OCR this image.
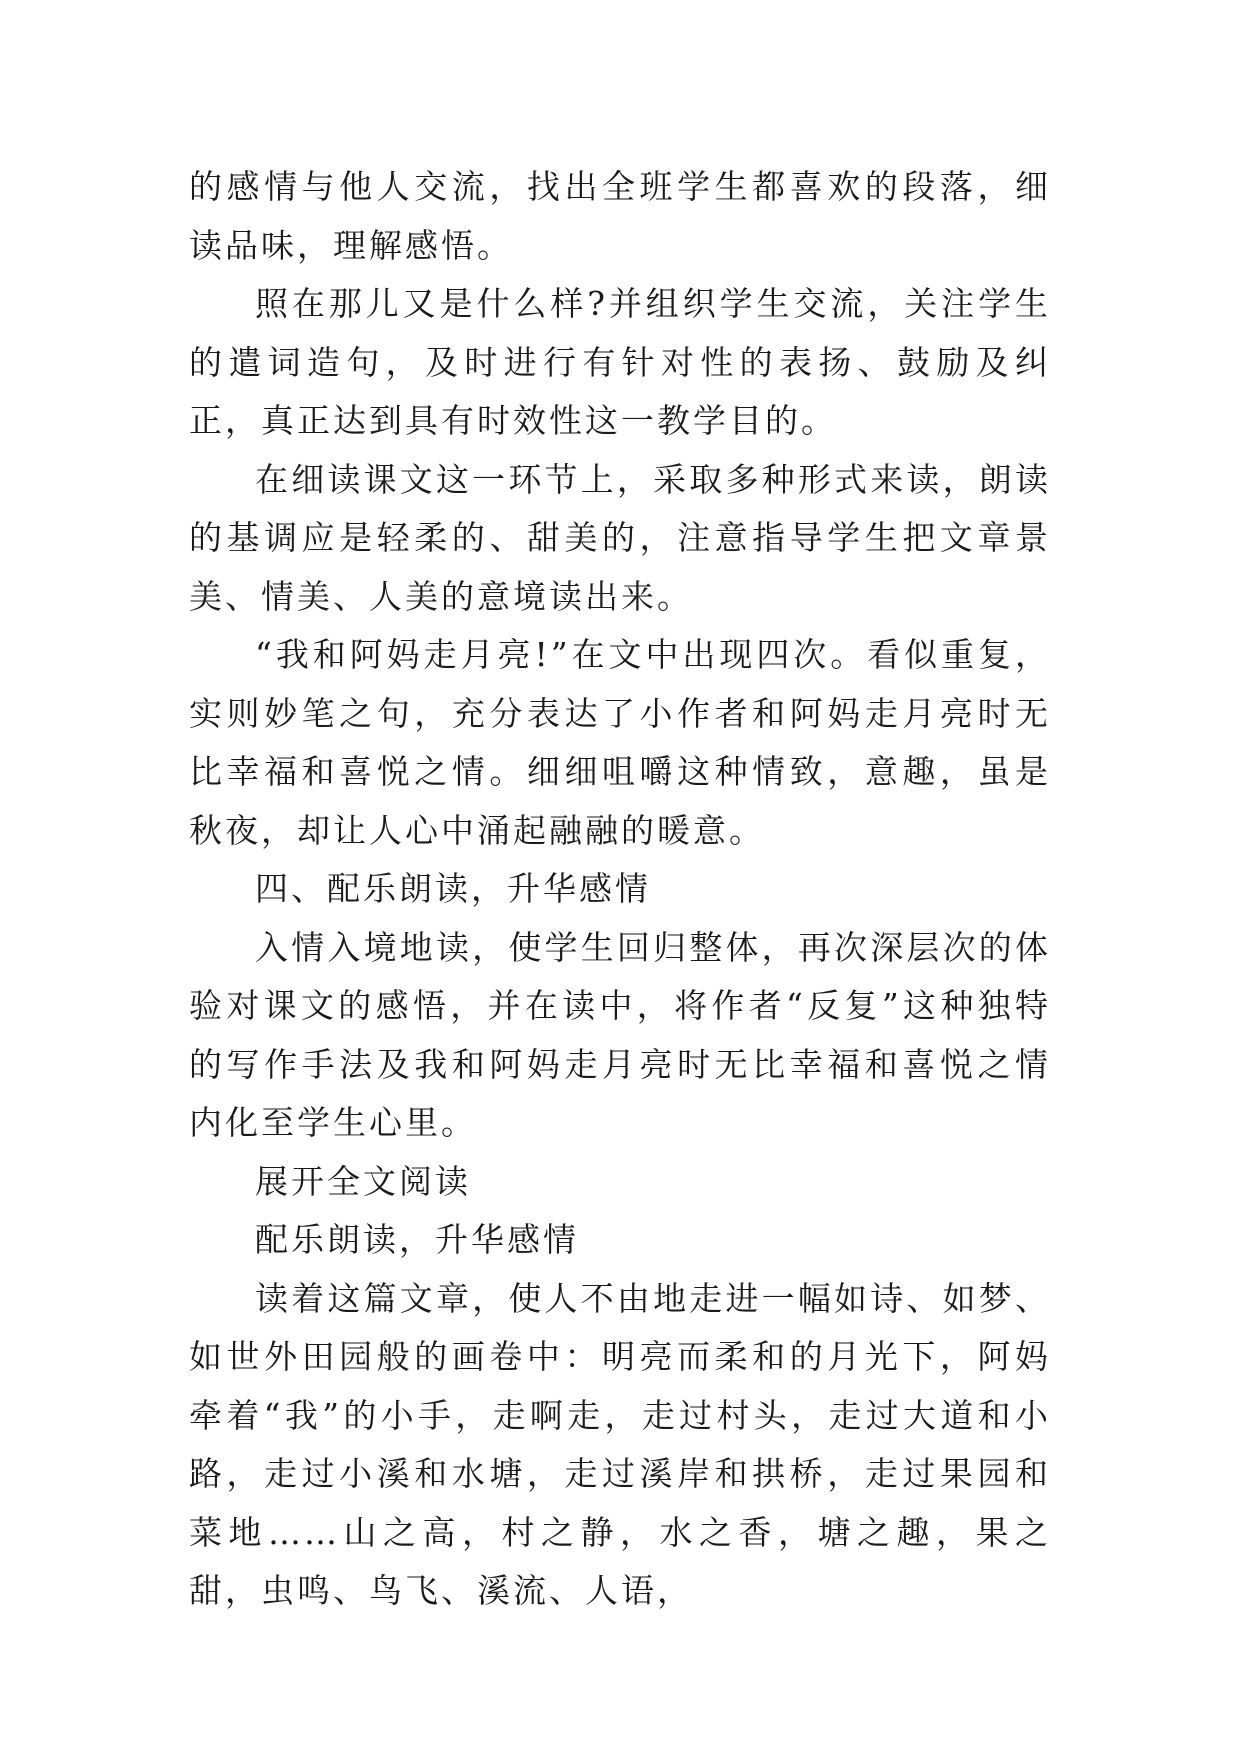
的感情与他人交流，找出全班学生都喜欢的段落，细读品味，理解感悟。

照在那儿又是什么样?并组织学生交流，关注学生的遣词造句，及时进行有针对性的表扬、鼓励及纠正，真正达到具有时效性这一教学目的。

在细读课文这一环节上，采取多种形式来读，朗读的基调应是轻柔的、甜美的，注意指导学生把文章景美、情美、人美的意境读出来。

“我和阿妈走月亮!”在文中出现四次。看似重复，实则妙笔之句，充分表达了小作者和阿妈走月亮时无比幸福和喜悦之情。细细咀嚼这种情致，意趣，虽是秋夜，却让人心中涌起融融的暖意。

四、配乐朗读，升华感情

入情入境地读，使学生回归整体，再次深层次的体验对课文的感悟，并在读中，将作者“反复”这种独特的写作手法及我和阿妈走月亮时无比幸福和喜悦之情内化至学生心里。

展开全文阅读

配乐朗读，升华感情

读着这篇文章，使人不由地走进一幅如诗、如梦、如世外田园般的画卷中：明亮而柔和的月光下，阿妈牵着“我”的小手，走啊走，走过村头，走过大道和小路，走过小溪和水塘，走过溪岸和拱桥，走过果园和菜地……山之高，村之静，水之香，塘之趣，果之甜，虫鸣、鸟飞、溪流、人语，
